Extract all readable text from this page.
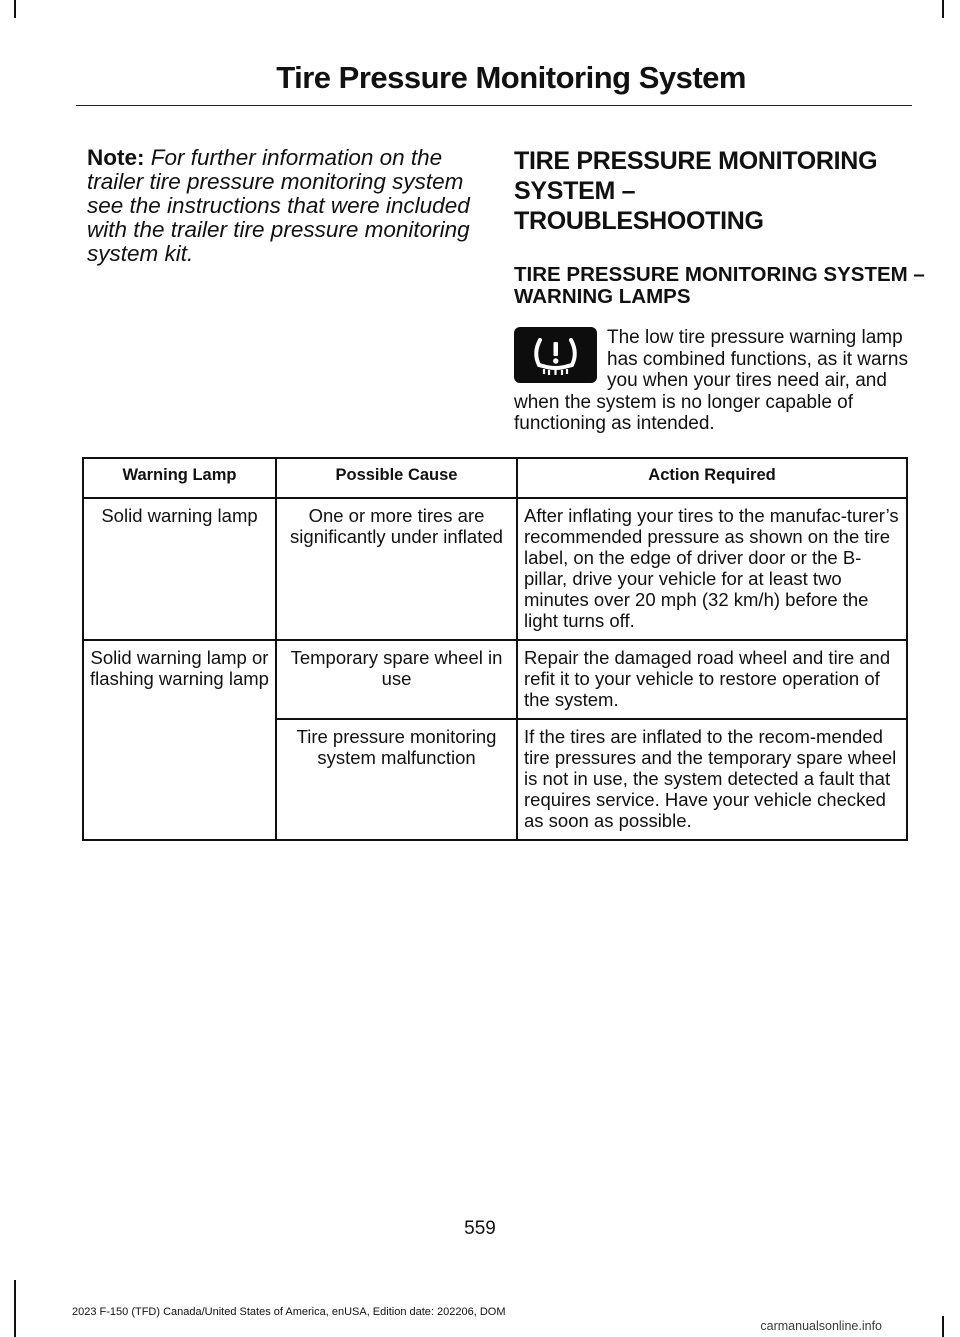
Tire Pressure Monitoring System
Note: For further information on the trailer tire pressure monitoring system see the instructions that were included with the trailer tire pressure monitoring system kit.
TIRE PRESSURE MONITORING
SYSTEM –
TROUBLESHOOTING
TIRE PRESSURE MONITORING SYSTEM – WARNING LAMPS
The low tire pressure warning lamp has combined functions, as it warns you when your tires need air, and when the system is no longer capable of functioning as intended.
Warning Lamp	Possible Cause	Action Required
Solid warning lamp	One or more tires are significantly under inflated	After inflating your tires to the manufac-turer’s recommended pressure as shown on the tire label, on the edge of driver door or the B-pillar, drive your vehicle for at least two minutes over 20 mph (32 km/h) before the light turns off.
Solid warning lamp or flashing warning lamp	Temporary spare wheel in use	Repair the damaged road wheel and tire and refit it to your vehicle to restore operation of the system.
	Tire pressure monitoring system malfunction	If the tires are inflated to the recom-mended tire pressures and the temporary spare wheel is not in use, the system detected a fault that requires service. Have your vehicle checked as soon as possible.
559
2023 F-150 (TFD) Canada/United States of America, enUSA, Edition date: 202206, DOM
carmanualsonline.info
